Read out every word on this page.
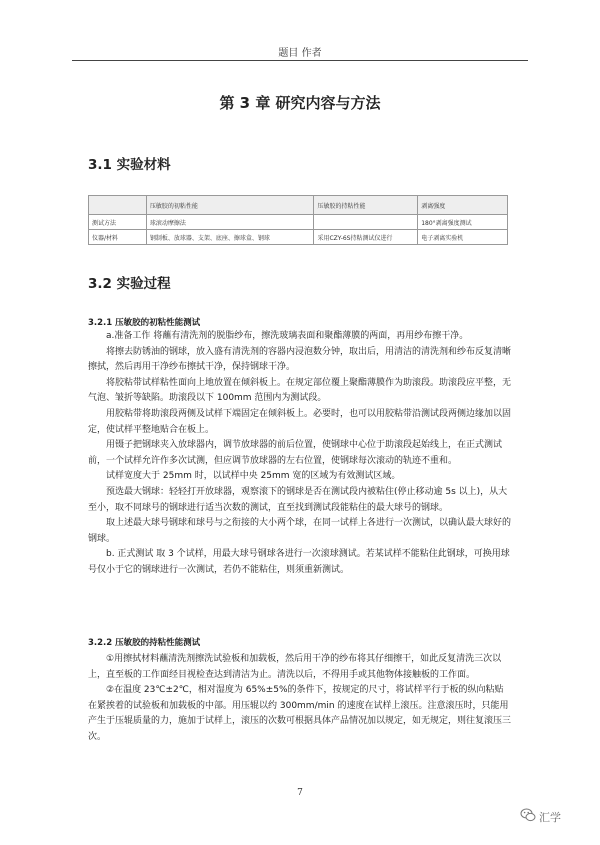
题目 作者
第 3 章 研究内容与方法
3.1 实验材料
	压敏胶的初粘性能	压敏胶的持粘性能	剥离强度
测试方法	球滚动摩擦法		180°剥离强度测试
仪器/材料	钢制板、放球器、支架、底座、擦球盒、钢球	采用CZY-6S持粘测试仪进行	电子剥离实验机
3.2 实验过程
3.2.1 压敏胶的初粘性能测试

a.准备工作 将蘸有清洗剂的脱脂纱布，擦洗玻璃表面和聚酯薄膜的两面，再用纱布擦干净。

将擦去防锈油的钢球，放入盛有清洗剂的容器内浸泡数分钟，取出后，用清洁的清洗剂和纱布反复清晰擦拭，然后再用干净纱布擦拭干净，保持钢球干净。

将胶粘带试样粘性面向上地放置在倾斜板上。在规定部位覆上聚酯薄膜作为助滚段。助滚段应平整，无气泡、皱折等缺陷。助滚段以下 100mm 范围内为测试段。

用胶粘带将助滚段两侧及试样下端固定在倾斜板上。必要时，也可以用胶粘带沿测试段两侧边缘加以固定，使试样平整地贴合在板上。

用镊子把钢球夹入放球器内，调节放球器的前后位置，使钢球中心位于助滚段起始线上，在正式测试前，一个试样允许作多次试测，但应调节放球器的左右位置，使钢球每次滚动的轨迹不重和。

试样宽度大于 25mm 时，以试样中央 25mm 宽的区域为有效测试区域。

预选最大钢球：轻轻打开放球器，观察滚下的钢球是否在测试段内被粘住(停止移动逾 5s 以上)，从大至小，取不同球号的钢球进行适当次数的测试，直至找到测试段能粘住的最大球号的钢球。

取上述最大球号钢球和球号与之衔接的大小两个球，在同一试样上各进行一次测试，以确认最大球好的钢球。

b. 正式测试 取 3 个试样，用最大球号钢球各进行一次滚球测试。若某试样不能粘住此钢球，可换用球号仅小于它的钢球进行一次测试，若仍不能粘住，则须重新测试。

3.2.2 压敏胶的持粘性能测试

①用擦拭材料蘸清洗剂擦洗试验板和加载板，然后用干净的纱布将其仔细擦干，如此反复清洗三次以上，直至板的工作面经目视检查达到清洁为止。清洗以后，不得用手或其他物体接触板的工作面。

②在温度 23℃±2℃，相对湿度为 65%±5%的条件下，按规定的尺寸，将试样平行于板的纵向粘贴在紧挨着的试验板和加载板的中部。用压辊以约 300mm/min 的速度在试样上滚压。注意滚压时，只能用产生于压辊质量的力，施加于试样上，滚压的次数可根据具体产品情况加以规定，如无规定，则往复滚压三次。

7
汇学
